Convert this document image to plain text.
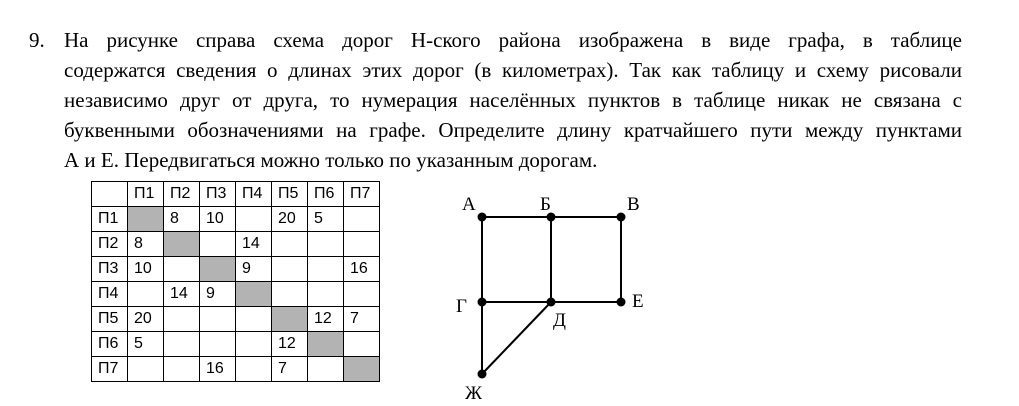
9. На рисунке справа схема дорог Н-ского района изображена в виде графа, в таблице
содержатся сведения о длинах этих дорог (в километрах). Так как таблицу и схему рисовали
независимо друг от друга, то нумерация населённых пунктов в таблице никак не связана с
буквенными обозначениями на графе. Определите длину кратчайшего пути между пунктами
А и Е. Передвигаться можно только по указанным дорогам.
	П1	П2	П3	П4	П5	П6	П7
П1		8	10		20	5	
П2	8			14			
П3	10			9			16
П4		14	9				
П5	20					12	7
П6	5				12		
П7			16		7		
А	Б	В
Г
Д
Е
Ж
